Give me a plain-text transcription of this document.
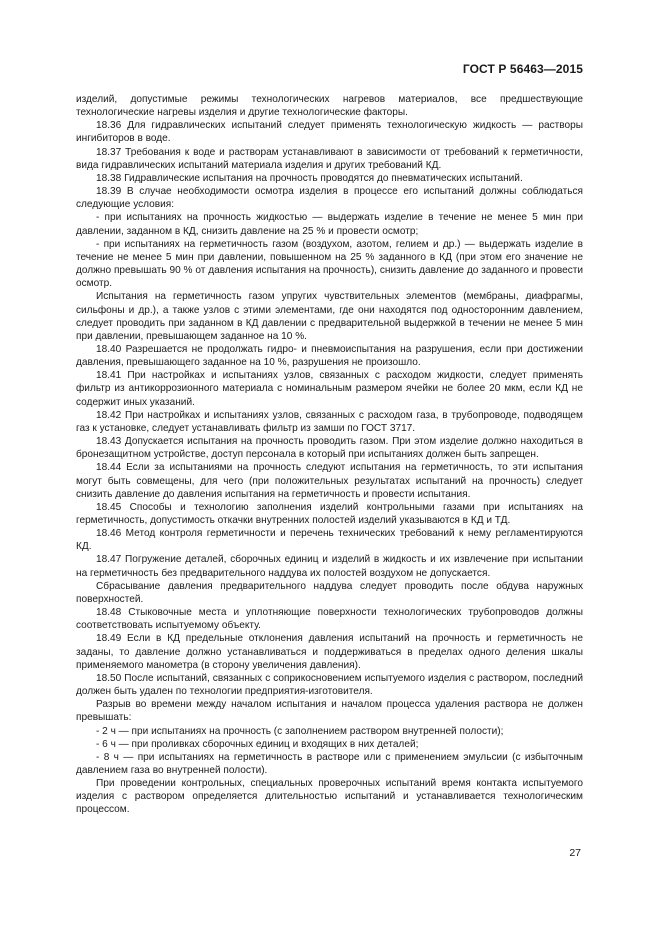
ГОСТ Р 56463—2015

изделий, допустимые режимы технологических нагревов материалов, все предшествующие технологические нагревы изделия и другие технологические факторы.

18.36 Для гидравлических испытаний следует применять технологическую жидкость — растворы ингибиторов в воде.

18.37 Требования к воде и растворам устанавливают в зависимости от требований к герметичности, вида гидравлических испытаний материала изделия и других требований КД.

18.38 Гидравлические испытания на прочность проводятся до пневматических испытаний.

18.39 В случае необходимости осмотра изделия в процессе его испытаний должны соблюдаться следующие условия:

- при испытаниях на прочность жидкостью — выдержать изделие в течение не менее 5 мин при давлении, заданном в КД, снизить давление на 25 % и провести осмотр;

- при испытаниях на герметичность газом (воздухом, азотом, гелием и др.) — выдержать изделие в течение не менее 5 мин при давлении, повышенном на 25 % заданного в КД (при этом его значение не должно превышать 90 % от давления испытания на прочность), снизить давление до заданного и провести осмотр.

Испытания на герметичность газом упругих чувствительных элементов (мембраны, диафрагмы, сильфоны и др.), а также узлов с этими элементами, где они находятся под односторонним давлением, следует проводить при заданном в КД давлении с предварительной выдержкой в течении не менее 5 мин при давлении, превышающем заданное на 10 %.

18.40 Разрешается не продолжать гидро- и пневмоиспытания на разрушения, если при достижении давления, превышающего заданное на 10 %, разрушения не произошло.

18.41 При настройках и испытаниях узлов, связанных с расходом жидкости, следует применять фильтр из антикоррозионного материала с номинальным размером ячейки не более 20 мкм, если КД не содержит иных указаний.

18.42 При настройках и испытаниях узлов, связанных с расходом газа, в трубопроводе, подводящем газ к установке, следует устанавливать фильтр из замши по ГОСТ 3717.

18.43 Допускается испытания на прочность проводить газом. При этом изделие должно находиться в бронезащитном устройстве, доступ персонала в который при испытаниях должен быть запрещен.

18.44 Если за испытаниями на прочность следуют испытания на герметичность, то эти испытания могут быть совмещены, для чего (при положительных результатах испытаний на прочность) следует снизить давление до давления испытания на герметичность и провести испытания.

18.45 Способы и технологию заполнения изделий контрольными газами при испытаниях на герметичность, допустимость откачки внутренних полостей изделий указываются в КД и ТД.

18.46 Метод контроля герметичности и перечень технических требований к нему регламентируются КД.

18.47 Погружение деталей, сборочных единиц и изделий в жидкость и их извлечение при испытании на герметичность без предварительного наддува их полостей воздухом не допускается.

Сбрасывание давления предварительного наддува следует проводить после обдува наружных поверхностей.

18.48 Стыковочные места и уплотняющие поверхности технологических трубопроводов должны соответствовать испытуемому объекту.

18.49 Если в КД предельные отклонения давления испытаний на прочность и герметичность не заданы, то давление должно устанавливаться и поддерживаться в пределах одного деления шкалы применяемого манометра (в сторону увеличения давления).

18.50 После испытаний, связанных с соприкосновением испытуемого изделия с раствором, последний должен быть удален по технологии предприятия-изготовителя.

Разрыв во времени между началом испытания и началом процесса удаления раствора не должен превышать:

- 2 ч — при испытаниях на прочность (с заполнением раствором внутренней полости);

- 6 ч — при проливках сборочных единиц и входящих в них деталей;

- 8 ч — при испытаниях на герметичность в растворе или с применением эмульсии (с избыточным давлением газа во внутренней полости).

При проведении контрольных, специальных проверочных испытаний время контакта испытуемого изделия с раствором определяется длительностью испытаний и устанавливается технологическим процессом.

27
